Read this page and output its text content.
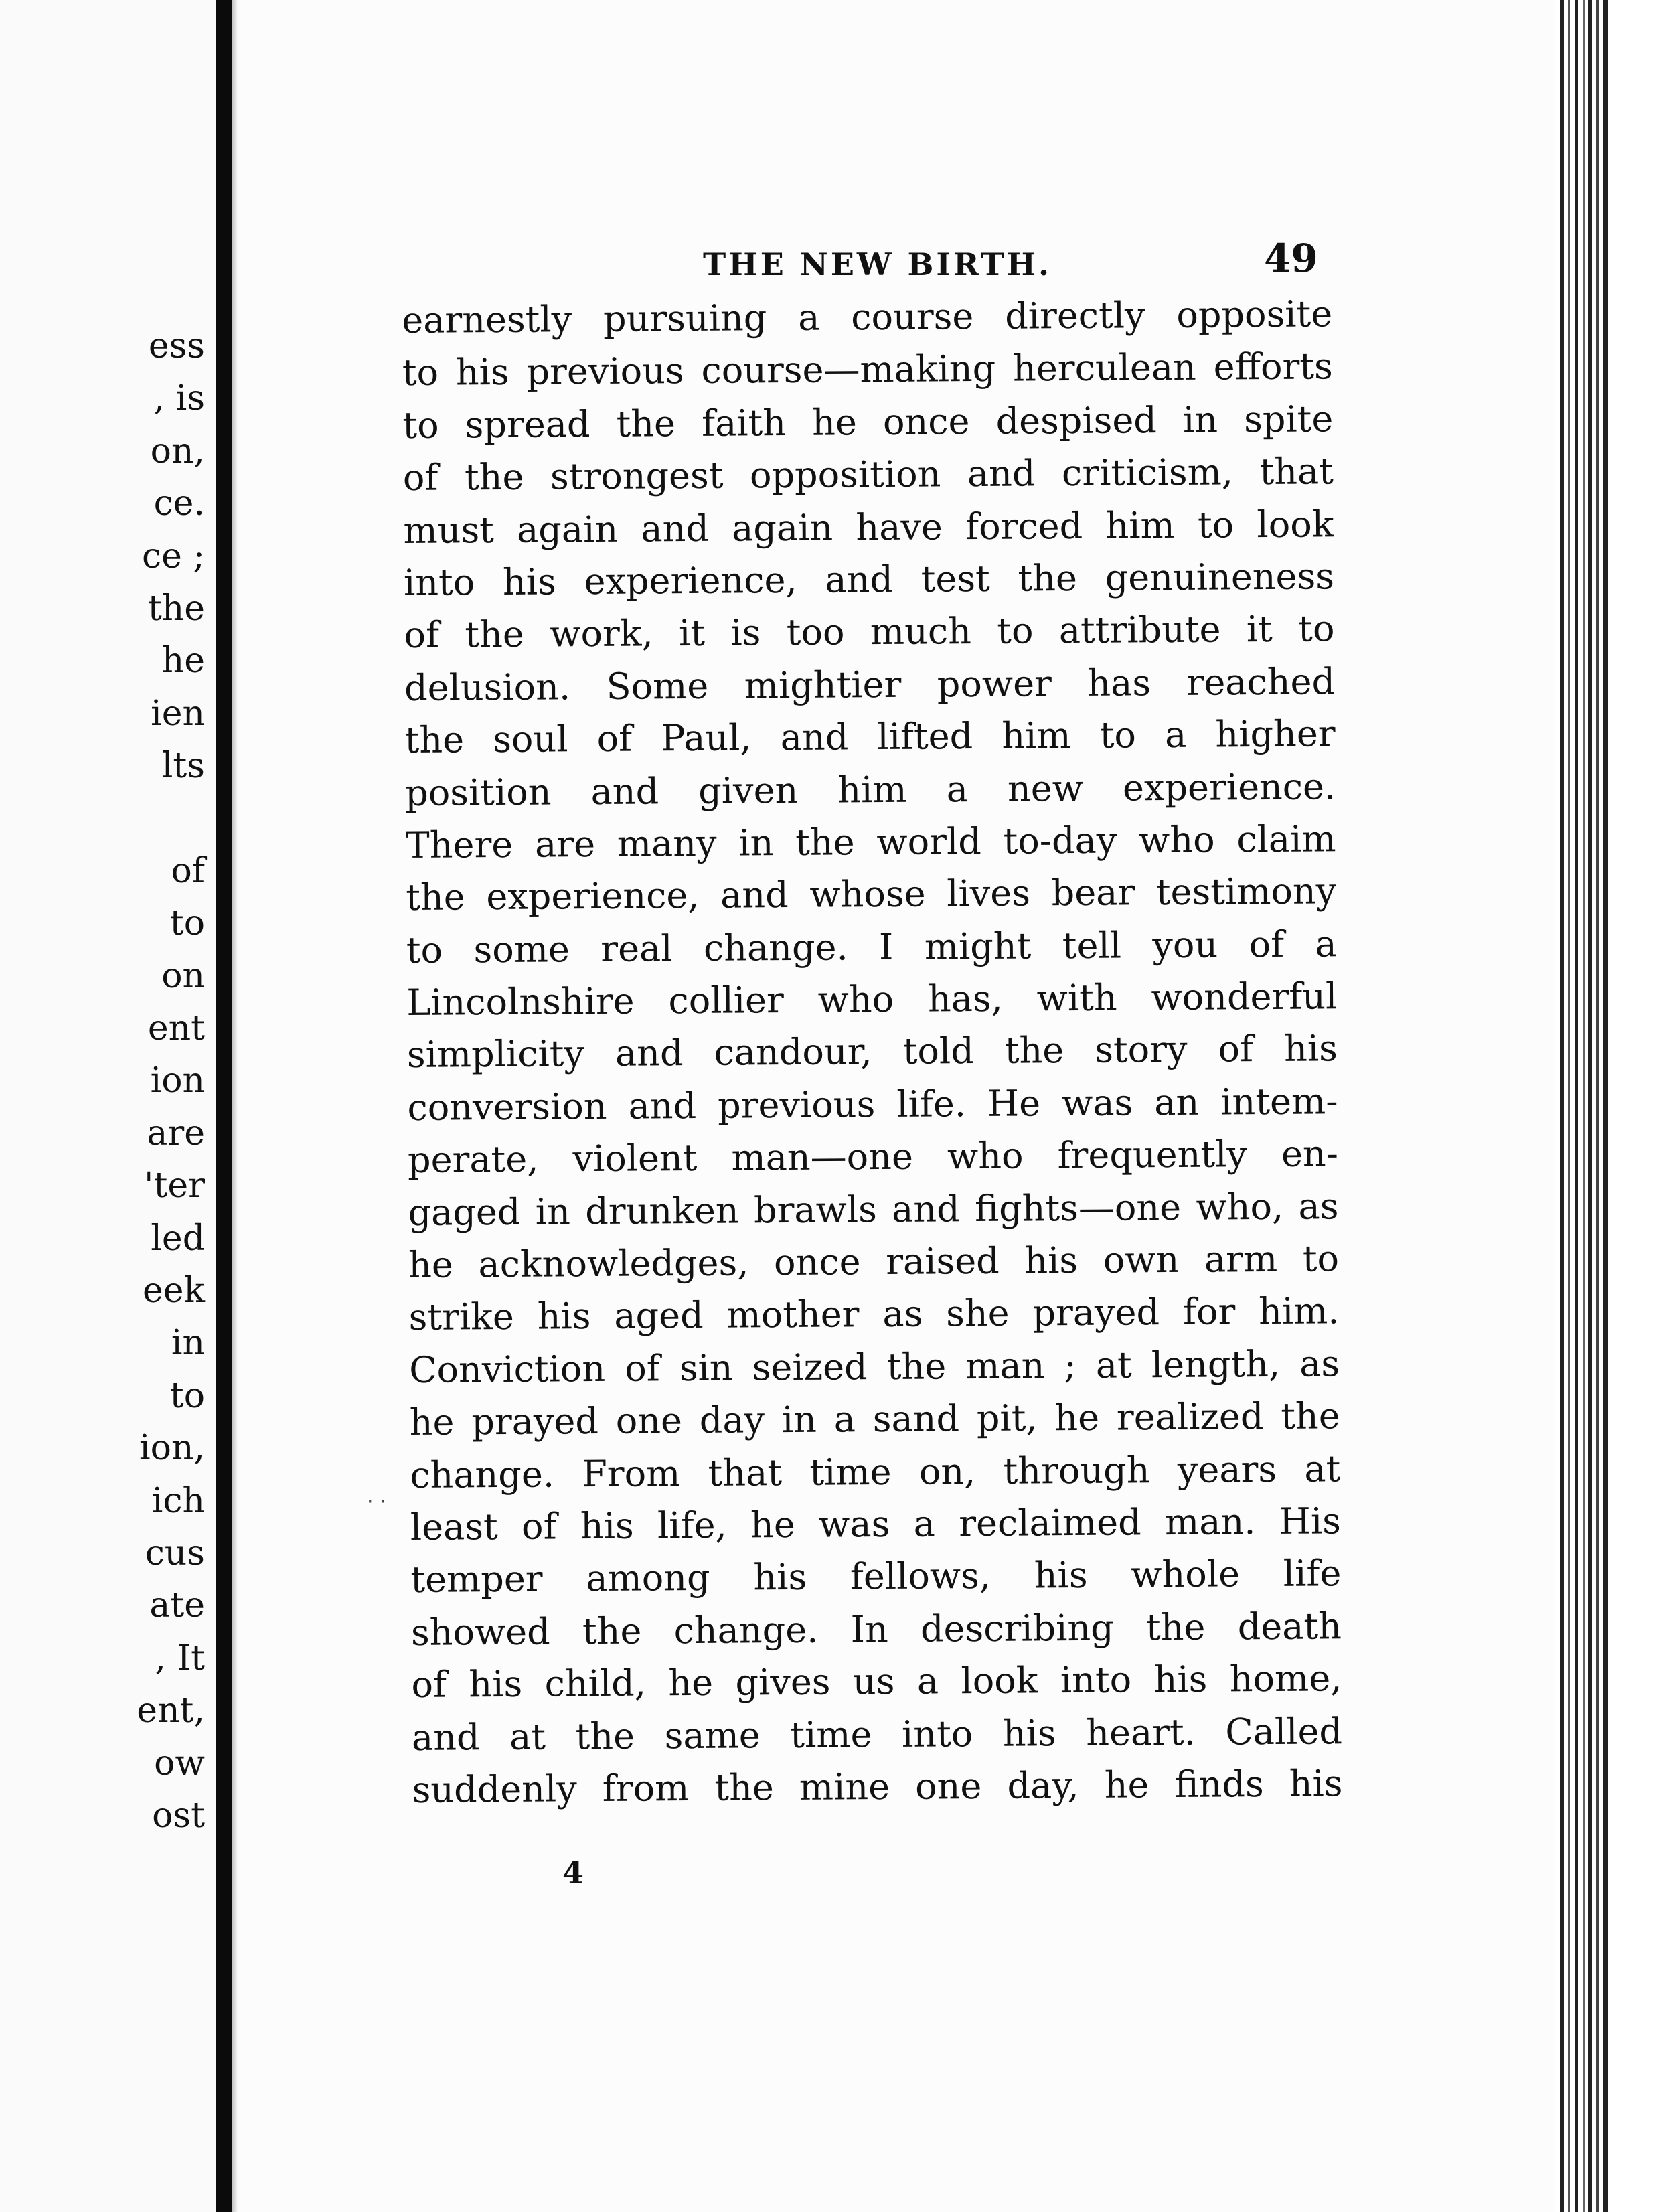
ess
, is
on,
ce.
ce ;
the
he
ien
lts
of
to
on
ent
ion
are
'ter
led
eek
in
to
ion,
ich
cus
ate
, It
ent,
ow
ost
THE NEW BIRTH.	49
earnestly pursuing a course directly opposite
to his previous course—making herculean efforts
to spread the faith he once despised in spite
of the strongest opposition and criticism, that
must again and again have forced him to look
into his experience, and test the genuineness
of the work, it is too much to attribute it to
delusion. Some mightier power has reached
the soul of Paul, and lifted him to a higher
position and given him a new experience.
There are many in the world to-day who claim
the experience, and whose lives bear testimony
to some real change. I might tell you of a
Lincolnshire collier who has, with wonderful
simplicity and candour, told the story of his
conversion and previous life. He was an intem-
perate, violent man—one who frequently en-
gaged in drunken brawls and fights—one who, as
he acknowledges, once raised his own arm to
strike his aged mother as she prayed for him.
Conviction of sin seized the man ; at length, as
he prayed one day in a sand pit, he realized the
change. From that time on, through years at
least of his life, he was a reclaimed man. His
temper among his fellows, his whole life
showed the change. In describing the death
of his child, he gives us a look into his home,
and at the same time into his heart. Called
suddenly from the mine one day, he finds his
· ·
4
